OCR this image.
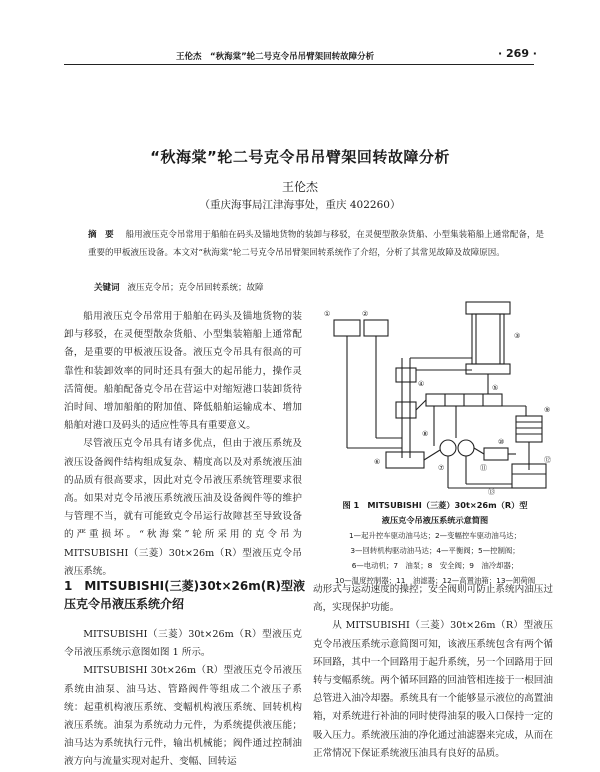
王伦杰　“秋海棠”轮二号克令吊吊臂架回转故障分析	· 269 ·
“秋海棠”轮二号克令吊吊臂架回转故障分析
王伦杰
（重庆海事局江津海事处，重庆 402260）
摘　要 船用液压克令吊常用于船舶在码头及锚地货物的装卸与移驳，在灵便型散杂货船、小型集装箱船上通常配备，是重要的甲板液压设备。本文对“秋海棠”轮二号克令吊吊臂架回转系统作了介绍，分析了其常见故障及故障原因。
关键词 液压克令吊；克令吊回转系统；故障

船用液压克令吊常用于船舶在码头及锚地货物的装卸与移驳，在灵便型散杂货船、小型集装箱船上通常配备，是重要的甲板液压设备。液压克令吊具有很高的可靠性和装卸效率的同时还具有强大的起吊能力，操作灵活简便。船舶配备克令吊在营运中对缩短港口装卸货待泊时间、增加船舶的附加值、降低船舶运输成本、增加船舶对港口及码头的适应性等具有重要意义。

尽管液压克令吊具有诸多优点，但由于液压系统及液压设备阀件结构组成复杂、精度高以及对系统液压油的品质有很高要求，因此对克令吊液压系统管理要求很高。如果对克令吊液压系统液压油及设备阀件等的维护与管理不当，就有可能致克令吊运行故障甚至导致设备的严重损坏。“秋海棠”轮所采用的克令吊为 MITSUBISHI（三菱）30t×26m（R）型液压克令吊液压系统。

1　MITSUBISHI(三菱)30t×26m(R)型液压克令吊液压系统介绍

MITSUBISHI（三菱）30t×26m（R）型液压克令吊液压系统示意图如图 1 所示。

MITSUBISHI 30t×26m（R）型液压克令吊液压系统由油泵、油马达、管路阀件等组成二个液压子系统：起重机构液压系统、变幅机构液压系统、回转机构液压系统。油泵为系统动力元件，为系统提供液压能；油马达为系统执行元件，输出机械能；阀件通过控制油液方向与流量实现对起升、变幅、回转运

①	②
③
④	⑤
⑥
⑦
⑧
⑨
⑩
⑪
⑫
⑬
图 1　MITSUBISHI（三菱）30t×26m（R）型
液压克令吊液压系统示意简图
1—起升控车驱动油马达；2—变幅控车驱动油马达；
3—回转机构驱动油马达；4—平衡阀；5—控制阀；
6—电动机；7　油泵；8　安全阀；9　油冷却器；
10—温度控制器；11　油滤器；12—高置油箱；13—卸荷阀

动形式与运动速度的操控；安全阀则可防止系统内油压过高，实现保护功能。

从 MITSUBISHI（三菱）30t×26m（R）型液压克令吊液压系统示意简图可知，该液压系统包含有两个循环回路，其中一个回路用于起升系统，另一个回路用于回转与变幅系统。两个循环回路的回油管相连接于一根回油总管进入油冷却器。系统具有一个能够显示液位的高置油箱，对系统进行补油的同时使得油泵的吸入口保持一定的吸入压力。系统液压油的净化通过油滤器来完成，从而在正常情况下保证系统液压油具有良好的品质。
